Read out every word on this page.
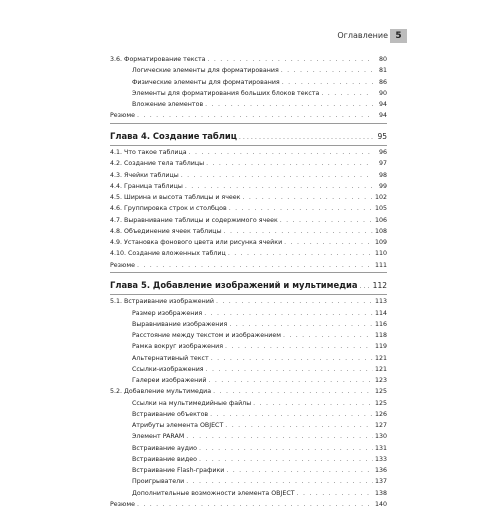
Оглавление 5
3.6. Форматирование текста . . .	80
Логические элементы для форматирования . . .	81
Физические элементы для форматирования . . .	86
Элементы для форматирования больших блоков текста . . .	90
Вложение элементов . . .	94
Резюме . . .	94
Глава 4. Создание таблиц . . .	95
4.1. Что такое таблица . . .	96
4.2. Создание тела таблицы . . .	97
4.3. Ячейки таблицы . . .	98
4.4. Граница таблицы . . .	99
4.5. Ширина и высота таблицы и ячеек . . .	102
4.6. Группировка строк и столбцов . . .	105
4.7. Выравнивание таблицы и содержимого ячеек . . .	106
4.8. Объединение ячеек таблицы . . .	108
4.9. Установка фонового цвета или рисунка ячейки . . .	109
4.10. Создание вложенных таблиц . . .	110
Резюме . . .	111
Глава 5. Добавление изображений и мультимедиа . . . 112
5.1. Встраивание изображений . . .	113
Размер изображения . . .	114
Выравнивание изображения . . .	116
Расстояние между текстом и изображением . . .	118
Рамка вокруг изображения . . .	119
Альтернативный текст . . .	121
Ссылки-изображения . . .	121
Галереи изображений . . .	123
5.2. Добавление мультимедиа . . .	125
Ссылки на мультимедийные файлы . . .	125
Встраивание объектов . . .	126
Атрибуты элемента OBJECT . . .	127
Элемент PARAM . . .	130
Встраивание аудио . . .	131
Встраивание видео . . .	133
Встраивание Flash-графики . . .	136
Проигрыватели . . .	137
Дополнительные возможности элемента OBJECT . . .	138
Резюме . . .	140
